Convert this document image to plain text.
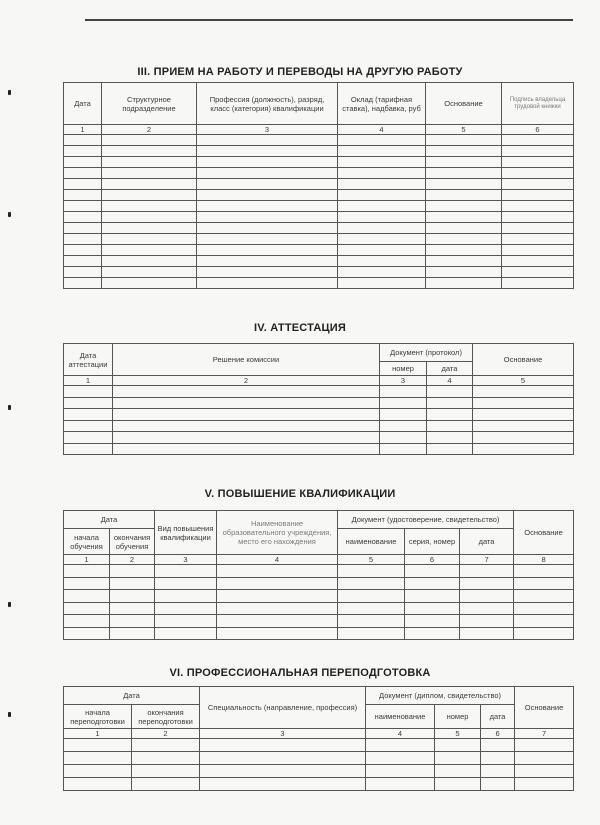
III. ПРИЕМ НА РАБОТУ И ПЕРЕВОДЫ НА ДРУГУЮ РАБОТУ
Дата	Структурное подразделение	Профессия (должность), разряд, класс (категория) квалификации	Оклад (тарифная ставка), надбавка, руб	Основание	Подпись владельца трудовой книжки
1	2	3	4	5	6

IV. АТТЕСТАЦИЯ
Дата аттестации	Решение комиссии	Документ (протокол)		Основание
		номер	дата	
1	2	3	4	5

V. ПОВЫШЕНИЕ КВАЛИФИКАЦИИ
Дата		Вид повышения квалификации	Наименование образовательного учреждения, место его нахождения	Документ (удостоверение, свидетельство)			Основание
начала обучения	окончания обучения			наименование	серия, номер	дата	
1	2	3	4	5	6	7	8

VI. ПРОФЕССИОНАЛЬНАЯ ПЕРЕПОДГОТОВКА
Дата		Специальность (направление, профессия)	Документ (диплом, свидетельство)			Основание
начала переподготовки	окончания переподготовки		наименование	номер	дата	
1	2	3	4	5	6	7
